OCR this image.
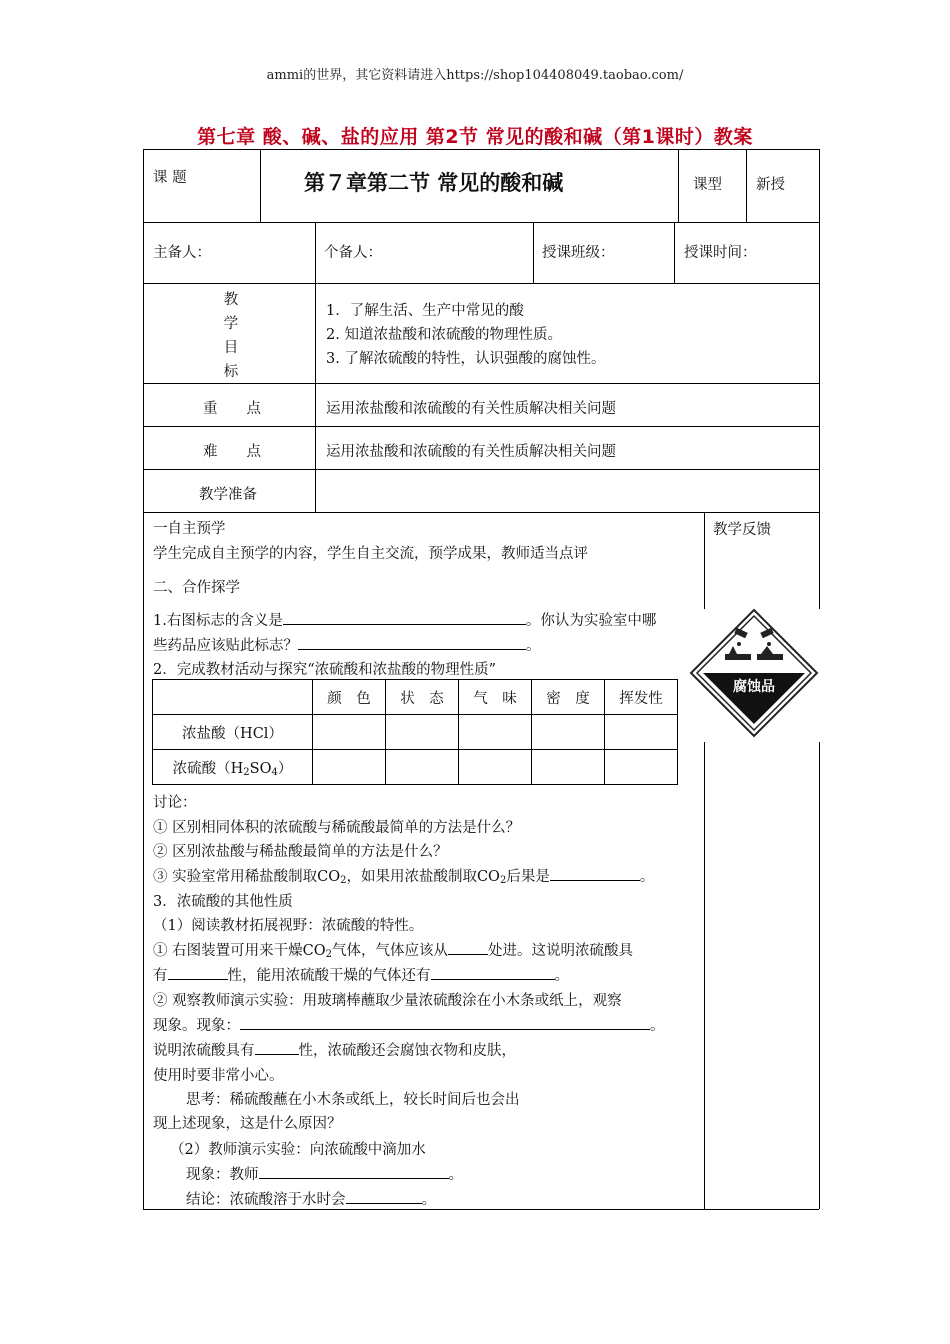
ammi的世界，其它资料请进入https://shop104408049.taobao.com/
第七章 酸、碱、盐的应用 第2节 常见的酸和碱（第1课时）教案
课 题	第７章第二节 常见的酸和碱	课型 新授
主备人：	个备人：	授课班级：	授课时间：
教
学
目
标
1．了解生活、生产中常见的酸
2. 知道浓盐酸和浓硫酸的物理性质。
3. 了解浓硫酸的特性，认识强酸的腐蚀性。
重　　点	运用浓盐酸和浓硫酸的有关性质解决相关问题
难　　点	运用浓盐酸和浓硫酸的有关性质解决相关问题
教学准备
教学反馈
一自主预学
学生完成自主预学的内容，学生自主交流，预学成果，教师适当点评
二、合作探学
1.右图标志的含义是	。你认为实验室中哪
些药品应该贴此标志？	。
2．完成教材活动与探究“浓硫酸和浓盐酸的物理性质”
	颜　色	状　态	气　味	密　度	挥发性
浓盐酸（HCl）					
浓硫酸$(H_2SO_4)$					
讨论：
① 区别相同体积的浓硫酸与稀硫酸最简单的方法是什么？
② 区别浓盐酸与稀盐酸最简单的方法是什么？
③ 实验室常用稀盐酸制取$CO_2$，如果用浓盐酸制取$CO_2$后果是	。
3．浓硫酸的其他性质
（1）阅读教材拓展视野：浓硫酸的特性。
① 右图装置可用来干燥$CO_2$气体，气体应该从	处进。这说明浓硫酸具
有	性，能用浓硫酸干燥的气体还有	。
② 观察教师演示实验：用玻璃棒蘸取少量浓硫酸涂在小木条或纸上，观察
现象。现象：	。
说明浓硫酸具有	性，浓硫酸还会腐蚀衣物和皮肤，
使用时要非常小心。
思考：稀硫酸蘸在小木条或纸上，较长时间后也会出
现上述现象，这是什么原因？
（2）教师演示实验：向浓硫酸中滴加水
现象：教师	。
结论：浓硫酸溶于水时会	。
腐蚀品
